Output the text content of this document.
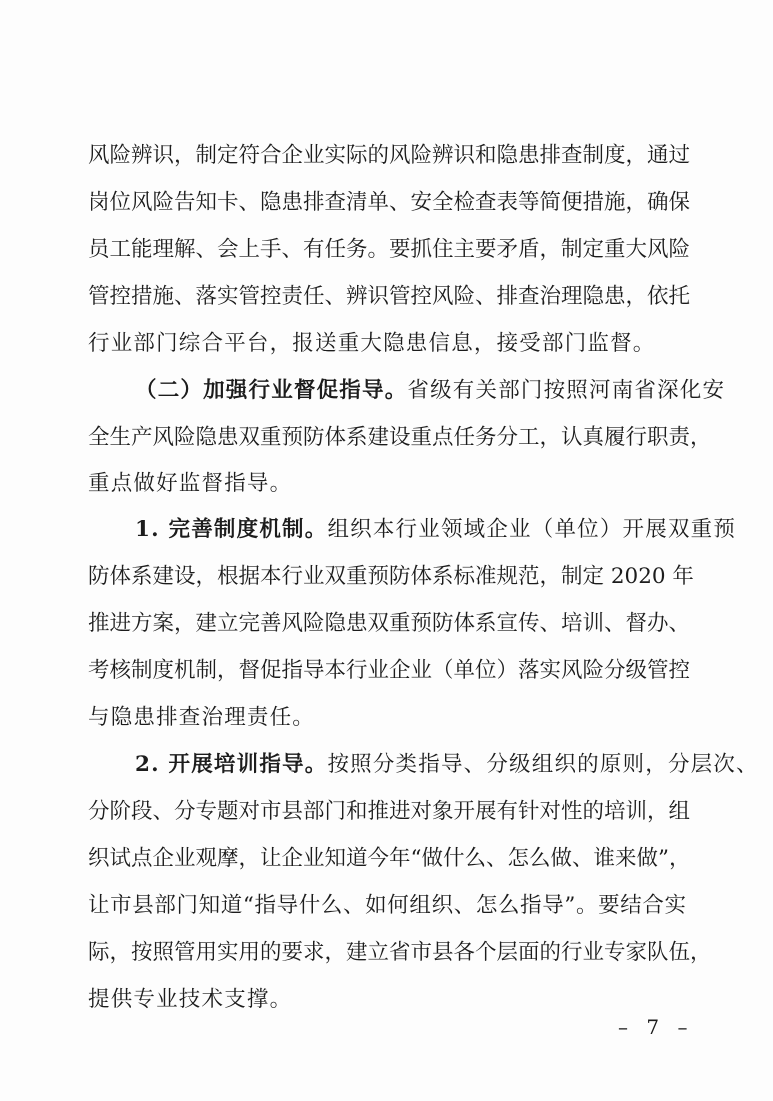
风险辨识，制定符合企业实际的风险辨识和隐患排查制度，通过
岗位风险告知卡、隐患排查清单、安全检查表等简便措施，确保
员工能理解、会上手、有任务。要抓住主要矛盾，制定重大风险
管控措施、落实管控责任、辨识管控风险、排查治理隐患，依托
行业部门综合平台，报送重大隐患信息，接受部门监督。
（二）加强行业督促指导。省级有关部门按照河南省深化安
全生产风险隐患双重预防体系建设重点任务分工，认真履行职责，
重点做好监督指导。
1. 完善制度机制。组织本行业领域企业（单位）开展双重预
防体系建设，根据本行业双重预防体系标准规范，制定 2020 年
推进方案，建立完善风险隐患双重预防体系宣传、培训、督办、
考核制度机制，督促指导本行业企业（单位）落实风险分级管控
与隐患排查治理责任。
2. 开展培训指导。按照分类指导、分级组织的原则，分层次、
分阶段、分专题对市县部门和推进对象开展有针对性的培训，组
织试点企业观摩，让企业知道今年“做什么、怎么做、谁来做”，
让市县部门知道“指导什么、如何组织、怎么指导”。要结合实
际，按照管用实用的要求，建立省市县各个层面的行业专家队伍，
提供专业技术支撑。
– 7 –
